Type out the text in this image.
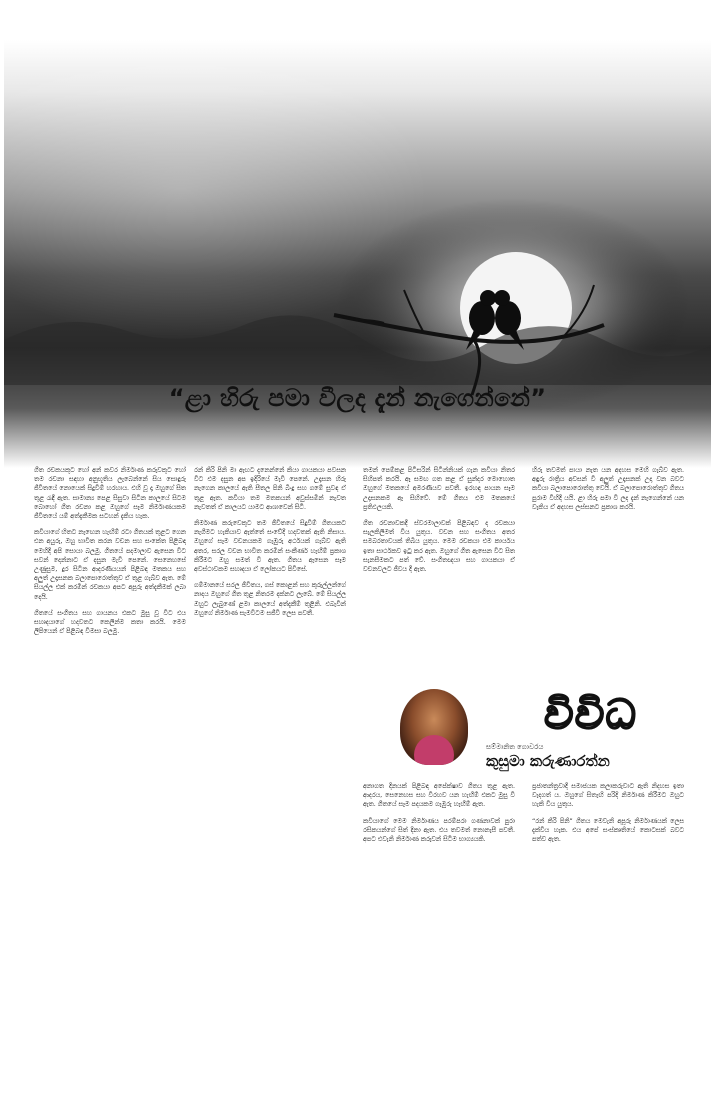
“ළා හිරු පමා වීලද දැන් නැගෙන්නේ”

ගීත රචකයකුට හෝ අන් කවර නිර්මාණ කරුවකුට හෝ තම රචනා සඳහා අනුභූතිය ලැබෙන්නේ සිය සොඳුරු ජීවිතයේ නොයෙක් සිදුවීම් හරහාය. එහි වූ දෑ ඔහුගේ සිත තුළ රැඳී ඇත. සාමාන්‍ය පෙළ සිසුවා සිටින කාලයේ සිටම බොහෝ ගීත රචනා කළ ඔහුගේ සෑම නිර්මාණයකම ජීවිතයේ යම් අත්දැකීමක සටහන් දැකිය හැක.

කවියාගේ හිතට නැඟෙන හැඟීම් රටා ගීතයක් තුළට ගෙන එන අයුරු, ඔහු භාවිත කරන වචන සහ සංකේත පිළිබඳ මෙහිදී අපි සොයා බලමු. ගීතයේ පදමාලාව ඇසෙන විට සවන් දෙන්නාට ඒ දසුන මැවී පෙනේ. සෙනෙහසේ උණුසුම, දුර සිටින ආදරණීයයන් පිළිබඳ මතකය සහ අලුත් උදෑසනක බලාපොරොත්තුව ඒ තුළ ගැබ්ව ඇත. මේ සියල්ල එක් කරමින් රචකයා අපට අපූරු අත්දැකීමක් ලබා දෙයි.

ගීතයේ සංගීතය සහ ගායනය එකට මුසු වූ විට එය සහෘදයාගේ හදවතට කෙලින්ම කතා කරයි. මෙම ලිපියෙන් ඒ පිළිබඳ විමසා බලමු.

රන් කිරි පිනි මා ඇඟට දැනෙන්නේ කියා ගායකයා පවසන විට එම දසුන අප ඉදිරියේ මැවී පෙනේ. උදෑසන හිරු නැගෙන කාලයේ ඇති සීතල පිනි බිංදු සහ ගමේ සුවඳ ඒ තුළ ඇත. කවියා තම මතකයන් අවුස්සමින් නැවත නැවතත් ඒ කාලයට යාමට ආශාවෙන් සිටී.

නිර්මාණ කරුවෙකුට තම ජීවිතයේ සිදුවීම් ගීතයකට නැගීමට හැකියාව ඇත්තේ සංවේදී හදවතක් ඇති නිසාය. ඔහුගේ සෑම වචනයකම ගැඹුරු අර්ථයක් ගැබ්ව ඇති අතර, සරල වචන භාවිත කරමින් සංකීර්ණ හැඟීම් ප්‍රකාශ කිරීමට ඔහු සමත් වී ඇත. ගීතය ඇසෙන සෑම අවස්ථාවකම සහෘදයා ඒ ලෝකයට පිවිසේ.

ගම්මානයේ සරල ජීවිතය, ගස් කොළන් සහ කුරුල්ලන්ගේ නාදය ඔහුගේ ගීත තුළ නිතරම දක්නට ලැබේ. මේ සියල්ල ඔහුට ලැබුණේ ළමා කාලයේ අත්දැකීම් තුළිනි. එබැවින් ඔහුගේ නිර්මාණ සැමවිටම සජීවී ලෙස පවතී.

තමන් පෙම්කළ පිටිසරින් සිටින්නියක් ගැන කවියා නිතර සිහිපත් කරයි. ඈ සමඟ ගත කළ ඒ සුන්දර මොහොත ඔහුගේ මතකයේ අමරණීයව පවතී. ඉරහඳ පායන සෑම උදෑසනකම ඈ සිහිවේ. මේ ගීතය එම මතකයේ ප්‍රතිඵලයකි.

ගීත රචනාවකදී ස්වරමාලාවක් පිළිබඳව ද රචකයා සැලකිලිමත් විය යුතුය. වචන සහ සංගීතය අතර සමබරතාවයක් තිබිය යුතුය. මෙම රචකයා එම කාර්යය ඉතා සාර්ථකව ඉටු කර ඇත. ඔහුගේ ගීත ඇසෙන විට සිත සැනසීමකට පත් වේ. සංගීතඥයා සහ ගායකයා ඒ වචනවලට ජීවය දී ඇත.

හිරු තවමත් පායා නැත යන අදහස මෙහි ගැබ්ව ඇත. අඳුරු රාත්‍රිය අවසන් වී අලුත් උදෑසනක් උදා වන බවට කවියා බලාපොරොත්තු වෙයි. ඒ බලාපොරොත්තුව ගීතය පුරාම විහිදී යයි. ළා හිරු පමා වී ලද දැන් නැගෙන්නේ යන වැකිය ඒ අදහස ලස්සනට ප්‍රකාශ කරයි.

විවිධ
සම්මානිත ගොවරය
කුසුමා කරුණාරත්න

අනාගත දිනයක් පිළිබඳ අපේක්ෂාව ගීතය තුළ ඇත. ආදරය, සෙනෙහස සහ විරහව යන හැඟීම් එකට මුසු වී ඇත. ගීතයේ සෑම පදයකම ගැඹුරු හැඟීම් ඇත.

කවියාගේ මෙම නිර්මාණය පරම්පරා ගණනාවක් පුරා රසිකයන්ගේ සිත් දිනා ඇත. එය තවමත් නොනැසී පවතී. අපට එවැනි නිර්මාණ කරුවන් සිටීම භාග්‍යයකි.

ප්‍රජාතන්ත්‍රවාදී සමාජයක කලාකරුවාට ඇති නිදහස ඉතා වැදගත් ය. ඔහුගේ සිතැඟි පරිදි නිර්මාණ කිරීමට ඔහුට හැකි විය යුතුය.

“රන් කිරි පිනි” ගීතය මෙවැනි අපූරු නිර්මාණයක් ලෙස දැක්විය හැක. එය අපේ සංස්කෘතියේ කොටසක් බවට පත්ව ඇත.
